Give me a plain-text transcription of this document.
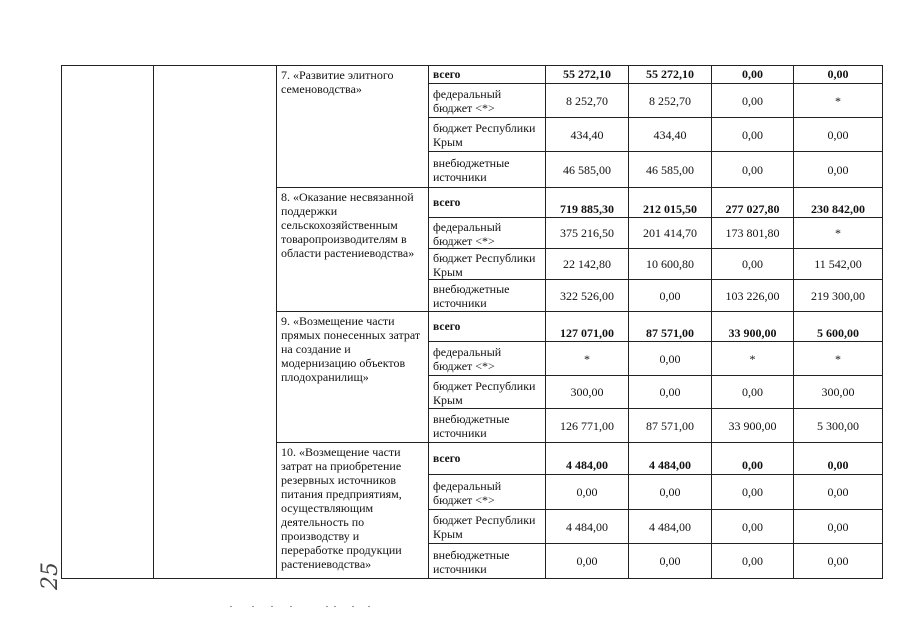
		7. «Развитие элитного семеноводства»	всего	55 272,10	55 272,10	0,00	0,00
			федеральный бюджет <*>	8 252,70	8 252,70	0,00	*
			бюджет Республики Крым	434,40	434,40	0,00	0,00
			внебюджетные источники	46 585,00	46 585,00	0,00	0,00
		8. «Оказание несвязанной поддержки сельскохозяйственным товаропроизводителям в области растениеводства»	всего	719 885,30	212 015,50	277 027,80	230 842,00
			федеральный бюджет <*>	375 216,50	201 414,70	173 801,80	*
			бюджет Республики Крым	22 142,80	10 600,80	0,00	11 542,00
			внебюджетные источники	322 526,00	0,00	103 226,00	219 300,00
		9. «Возмещение части прямых понесенных затрат на создание и модернизацию объектов плодохранилищ»	всего	127 071,00	87 571,00	33 900,00	5 600,00
			федеральный бюджет <*>	*	0,00	*	*
			бюджет Республики Крым	300,00	0,00	0,00	300,00
			внебюджетные источники	126 771,00	87 571,00	33 900,00	5 300,00
		10. «Возмещение части затрат на приобретение резервных источников питания предприятиям, осуществляющим деятельность по производству и переработке продукции растениеводства»	всего	4 484,00	4 484,00	0,00	0,00
			федеральный бюджет <*>	0,00	0,00	0,00	0,00
			бюджет Республики Крым	4 484,00	4 484,00	0,00	0,00
			внебюджетные источники	0,00	0,00	0,00	0,00
25
